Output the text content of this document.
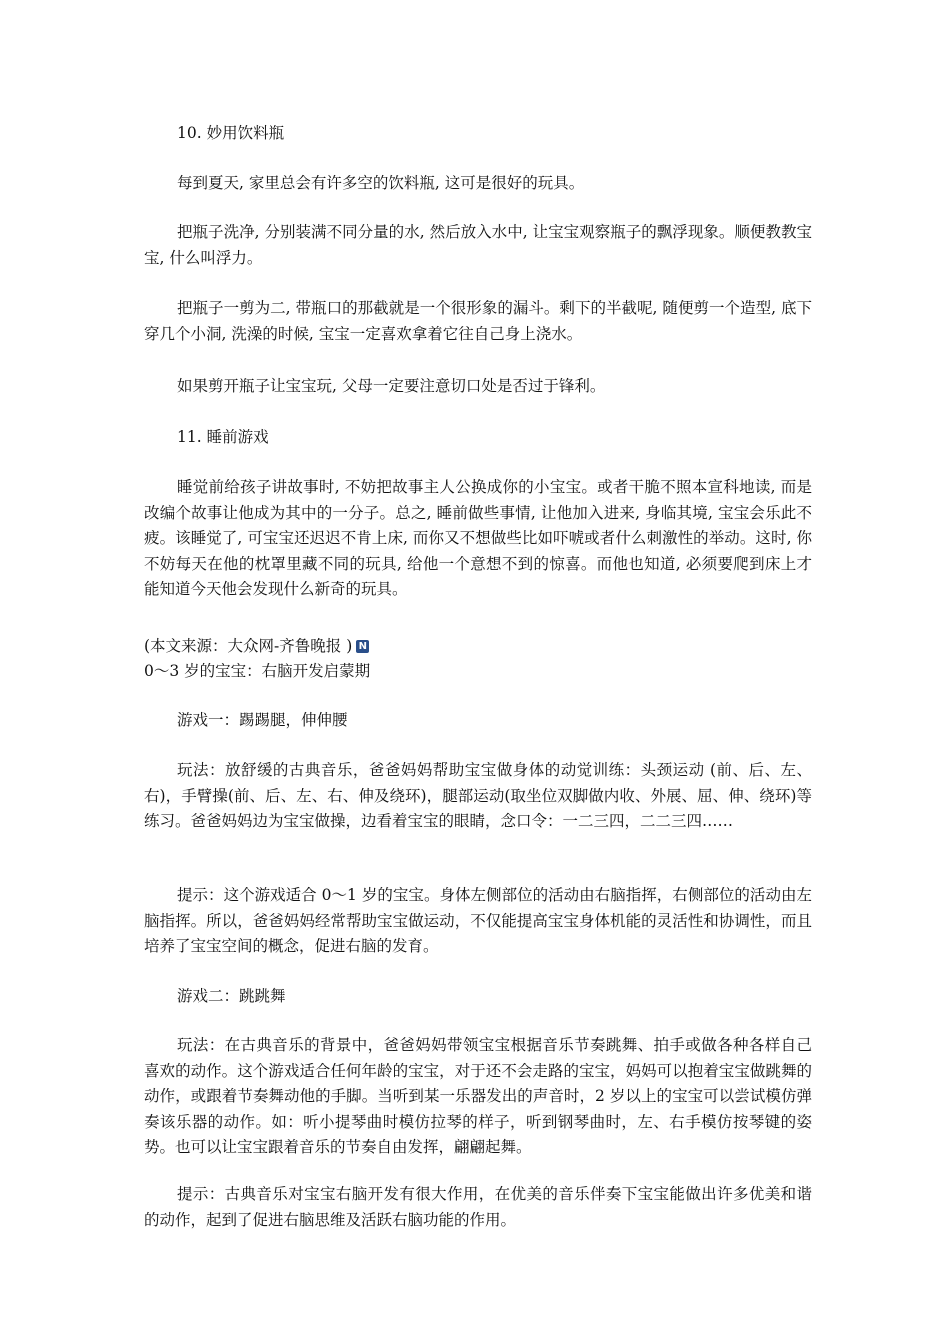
10. 妙用饮料瓶

每到夏天, 家里总会有许多空的饮料瓶, 这可是很好的玩具。

把瓶子洗净, 分别装满不同分量的水, 然后放入水中, 让宝宝观察瓶子的飘浮现象。顺便教教宝宝, 什么叫浮力。

把瓶子一剪为二, 带瓶口的那截就是一个很形象的漏斗。剩下的半截呢, 随便剪一个造型, 底下穿几个小洞, 洗澡的时候, 宝宝一定喜欢拿着它往自己身上浇水。

如果剪开瓶子让宝宝玩, 父母一定要注意切口处是否过于锋利。

11. 睡前游戏

睡觉前给孩子讲故事时, 不妨把故事主人公换成你的小宝宝。或者干脆不照本宣科地读, 而是改编个故事让他成为其中的一分子。总之, 睡前做些事情, 让他加入进来, 身临其境, 宝宝会乐此不疲。该睡觉了, 可宝宝还迟迟不肯上床, 而你又不想做些比如吓唬或者什么刺激性的举动。这时, 你不妨每天在他的枕罩里藏不同的玩具, 给他一个意想不到的惊喜。而他也知道, 必须要爬到床上才能知道今天他会发现什么新奇的玩具。

(本文来源：大众网-齐鲁晚报 ) N

0～3 岁的宝宝：右脑开发启蒙期

游戏一：踢踢腿，伸伸腰

玩法：放舒缓的古典音乐，爸爸妈妈帮助宝宝做身体的动觉训练：头颈运动 (前、后、左、右)，手臂操(前、后、左、右、伸及绕环)，腿部运动(取坐位双脚做内收、外展、屈、伸、绕环)等练习。爸爸妈妈边为宝宝做操，边看着宝宝的眼睛，念口令：一二三四，二二三四……

提示：这个游戏适合 0～1 岁的宝宝。身体左侧部位的活动由右脑指挥，右侧部位的活动由左脑指挥。所以，爸爸妈妈经常帮助宝宝做运动，不仅能提高宝宝身体机能的灵活性和协调性，而且培养了宝宝空间的概念，促进右脑的发育。

游戏二：跳跳舞

玩法：在古典音乐的背景中，爸爸妈妈带领宝宝根据音乐节奏跳舞、拍手或做各种各样自己喜欢的动作。这个游戏适合任何年龄的宝宝，对于还不会走路的宝宝，妈妈可以抱着宝宝做跳舞的动作，或跟着节奏舞动他的手脚。当听到某一乐器发出的声音时，2 岁以上的宝宝可以尝试模仿弹奏该乐器的动作。如：听小提琴曲时模仿拉琴的样子，听到钢琴曲时，左、右手模仿按琴键的姿势。也可以让宝宝跟着音乐的节奏自由发挥，翩翩起舞。

提示：古典音乐对宝宝右脑开发有很大作用，在优美的音乐伴奏下宝宝能做出许多优美和谐的动作，起到了促进右脑思维及活跃右脑功能的作用。
